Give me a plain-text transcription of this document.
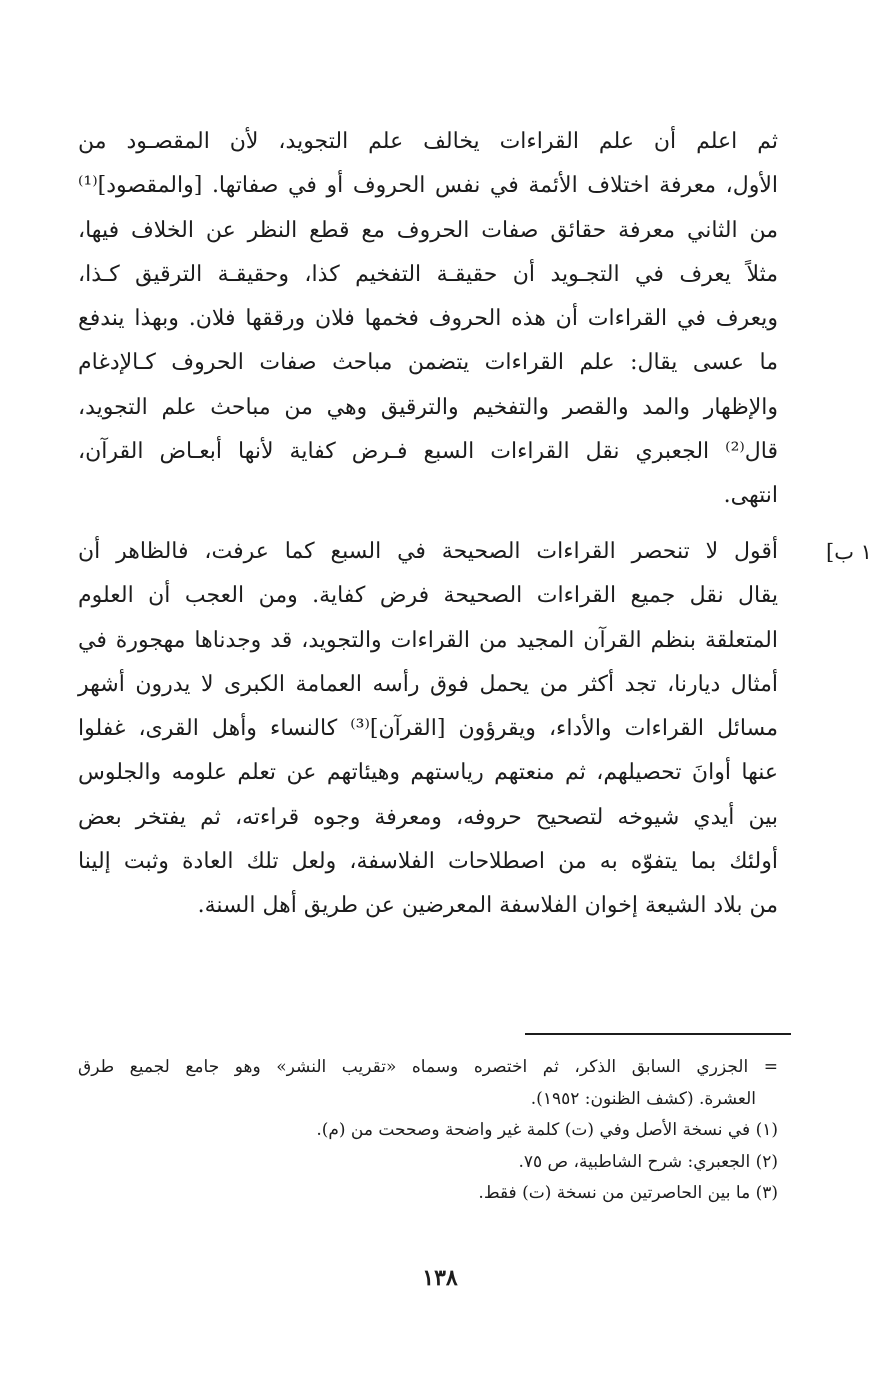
ثم اعلم أن علم القراءات يخالف علم التجويد، لأن المقصـود من
الأول، معرفة اختلاف الأئمة في نفس الحروف أو في صفاتها. [والمقصود]⁽¹⁾
من الثاني معرفة حقائق صفات الحروف مع قطع النظر عن الخلاف فيها،
مثلاً يعرف في التجـويد أن حقيقـة التفخيم كذا، وحقيقـة الترقيق كـذا،
ويعرف في القراءات أن هذه الحروف فخمها فلان ورققها فلان. وبهذا يندفع
ما عسى يقال: علم القراءات يتضمن مباحث صفات الحروف كـالإدغام
والإظهار والمد والقصر والتفخيم والترقيق وهي من مباحث علم التجويد،
قال⁽²⁾ الجعبري نقل القراءات السبع فـرض كفاية لأنها أبعـاض القرآن،
انتهى.
١ ب]
أقول لا تنحصر القراءات الصحيحة في السبع كما عرفت، فالظاهر أن
يقال نقل جميع القراءات الصحيحة فرض كفاية. ومن العجب أن العلوم
المتعلقة بنظم القرآن المجيد من القراءات والتجويد، قد وجدناها مهجورة في
أمثال ديارنا، تجد أكثر من يحمل فوق رأسه العمامة الكبرى لا يدرون أشهر
مسائل القراءات والأداء، ويقرؤون [القرآن]⁽³⁾ كالنساء وأهل القرى، غفلوا
عنها أوانَ تحصيلهم، ثم منعتهم رياستهم وهيئاتهم عن تعلم علومه والجلوس
بين أيدي شيوخه لتصحيح حروفه، ومعرفة وجوه قراءته، ثم يفتخر بعض
أولئك بما يتفوّه به من اصطلاحات الفلاسفة، ولعل تلك العادة وثبت إلينا
من بلاد الشيعة إخوان الفلاسفة المعرضين عن طريق أهل السنة.
= الجزري السابق الذكر، ثم اختصره وسماه «تقريب النشر» وهو جامع لجميع طرق
العشرة. (كشف الظنون: ١٩٥٢).
(١) في نسخة الأصل وفي (ت) كلمة غير واضحة وصححت من (م).
(٢) الجعبري: شرح الشاطبية، ص ٧٥.
(٣) ما بين الحاصرتين من نسخة (ت) فقط.
١٣٨
